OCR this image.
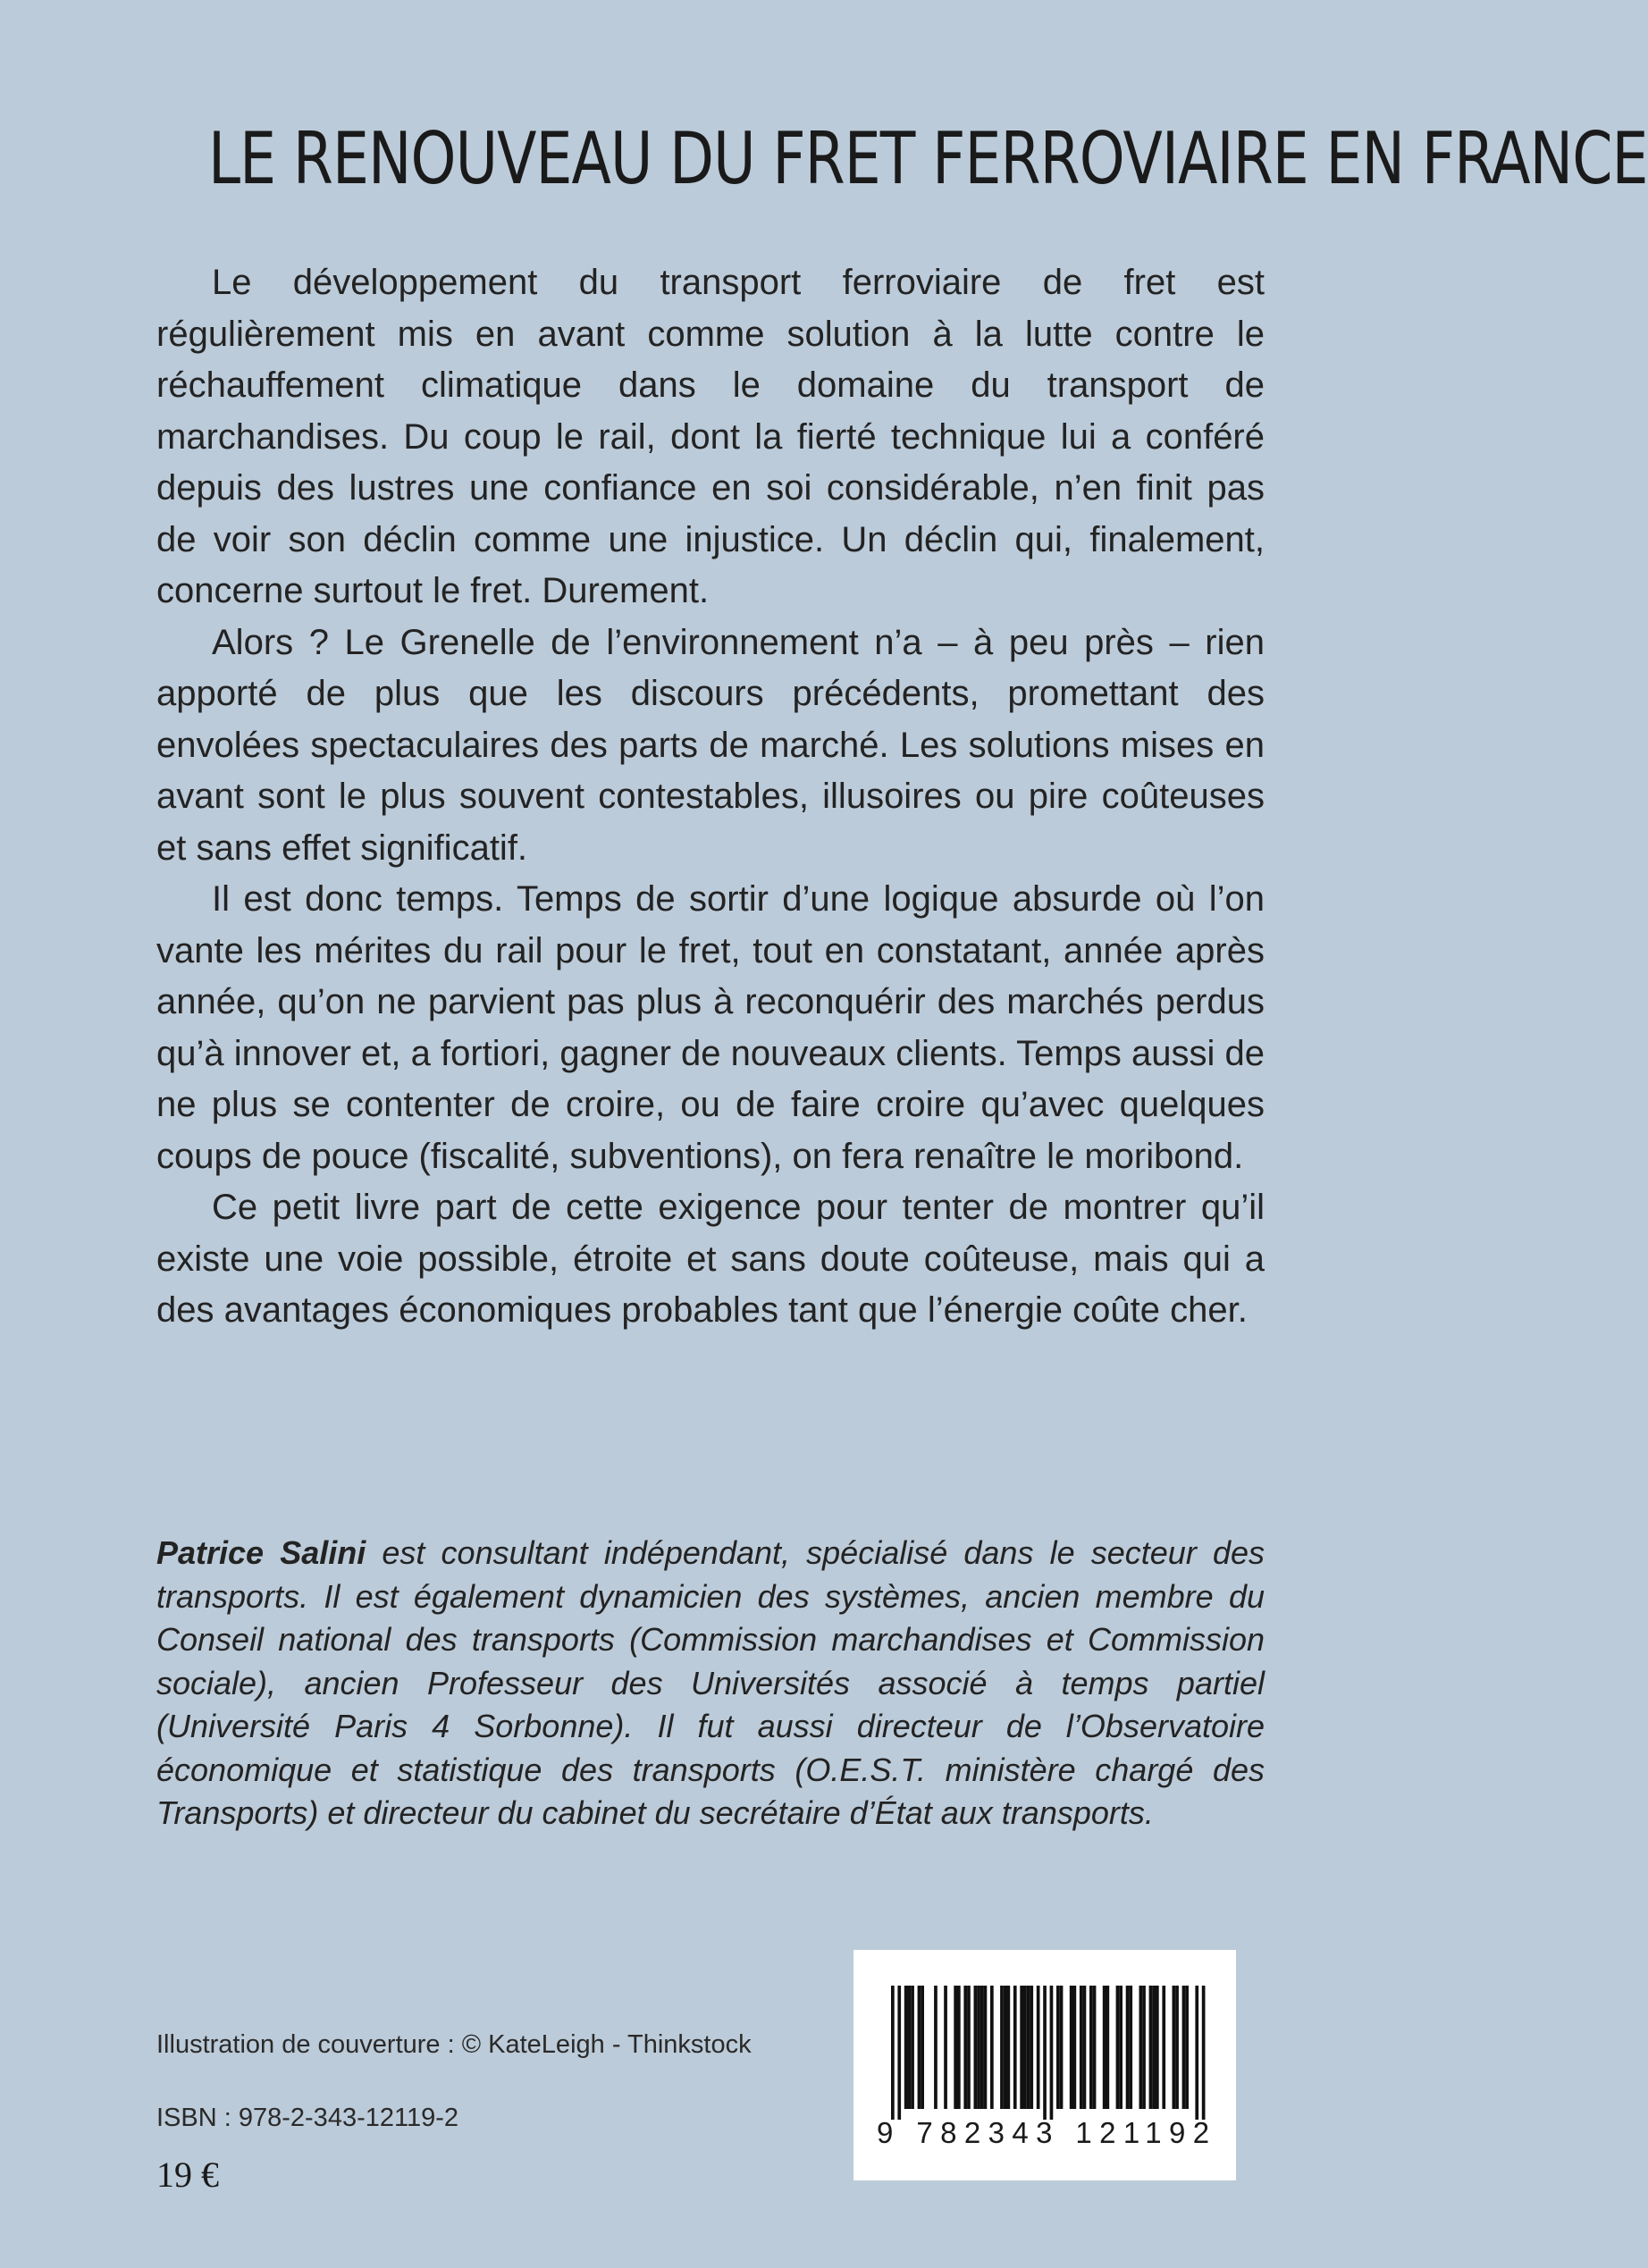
LE RENOUVEAU DU FRET FERROVIAIRE EN FRANCE

Le développement du transport ferroviaire de fret est régulièrement mis en avant comme solution à la lutte contre le réchauffement climatique dans le domaine du transport de marchandises. Du coup le rail, dont la fierté technique lui a conféré depuis des lustres une confiance en soi considérable, n’en finit pas de voir son déclin comme une injustice. Un déclin qui, finalement, concerne surtout le fret. Durement.

Alors ? Le Grenelle de l’environnement n’a – à peu près – rien apporté de plus que les discours précédents, promettant des envolées spectaculaires des parts de marché. Les solutions mises en avant sont le plus souvent contestables, illusoires ou pire coûteuses et sans effet significatif.

Il est donc temps. Temps de sortir d’une logique absurde où l’on vante les mérites du rail pour le fret, tout en constatant, année après année, qu’on ne parvient pas plus à reconquérir des marchés perdus qu’à innover et, a fortiori, gagner de nouveaux clients. Temps aussi de ne plus se contenter de croire, ou de faire croire qu’avec quelques coups de pouce (fiscalité, subventions), on fera renaître le moribond.

Ce petit livre part de cette exigence pour tenter de montrer qu’il existe une voie possible, étroite et sans doute coûteuse, mais qui a des avantages économiques probables tant que l’énergie coûte cher.

Patrice Salini est consultant indépendant, spécialisé dans le secteur des transports. Il est également dynamicien des systèmes, ancien membre du Conseil national des transports (Commission marchandises et Commission sociale), ancien Professeur des Universités associé à temps partiel (Université Paris 4 Sorbonne). Il fut aussi directeur de l’Observatoire économique et statistique des transports (O.E.S.T. ministère chargé des Transports) et directeur du cabinet du secrétaire d’État aux transports.

Illustration de couverture : © KateLeigh - Thinkstock

ISBN : 978-2-343-12119-2

19 €

9 782343 121192
